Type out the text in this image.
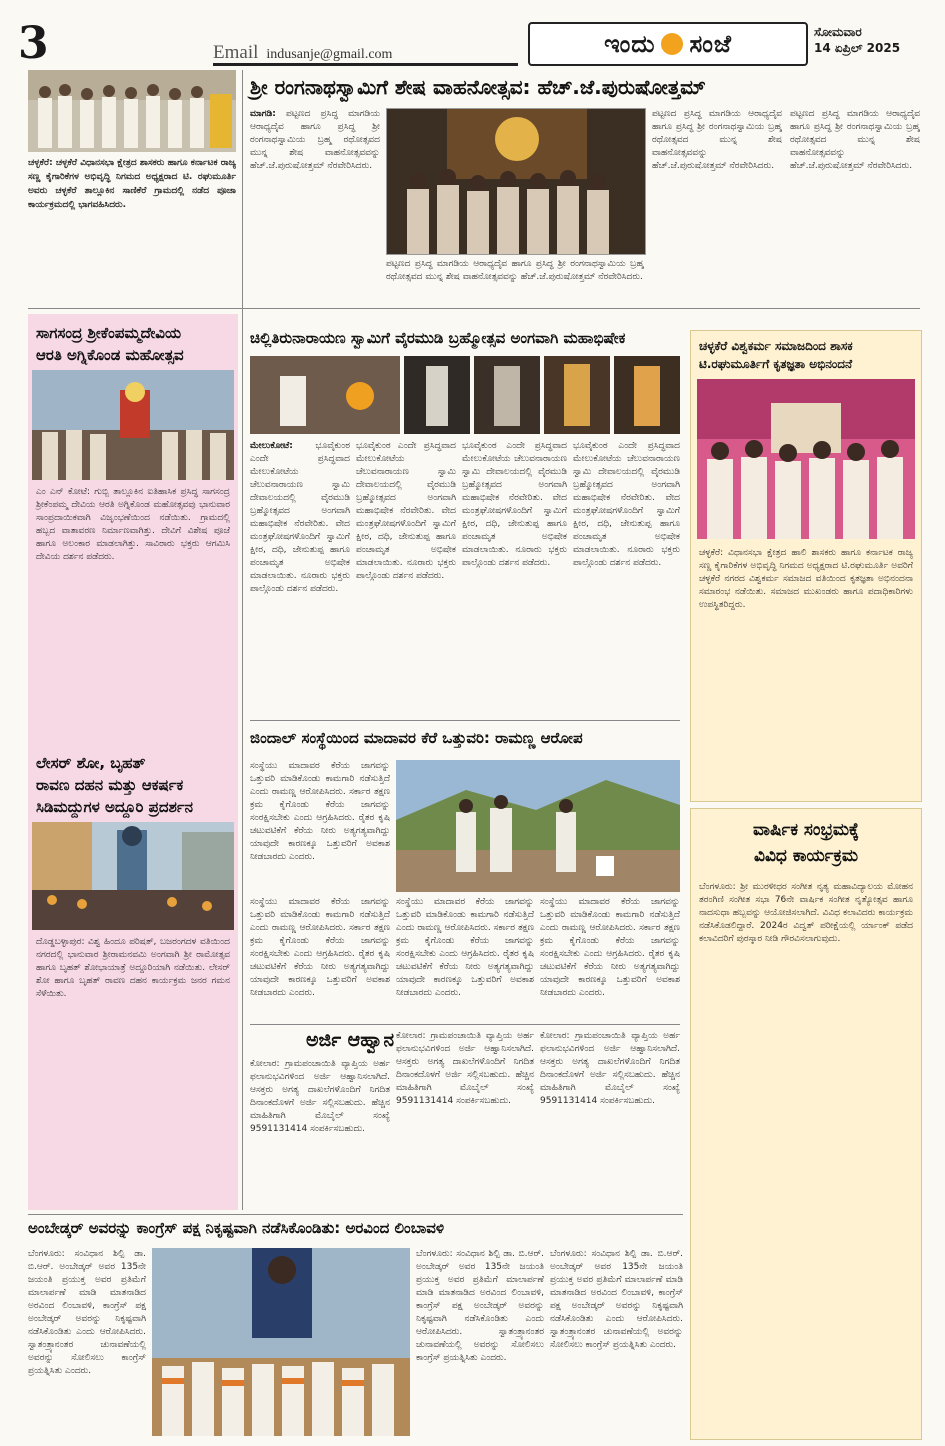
3	Email indusanje@gmail.com	ಇಂದು ಸಂಜೆ	ಸೋಮವಾರ
14 ಏಪ್ರಿಲ್ 2025
ಚಳ್ಳಕೆರೆ: ಚಳ್ಳಕೆರೆ ವಿಧಾನಸಭಾ ಕ್ಷೇತ್ರದ ಶಾಸಕರು ಹಾಗೂ ಕರ್ನಾಟಕ ರಾಜ್ಯ ಸಣ್ಣ ಕೈಗಾರಿಕೆಗಳ ಅಭಿವೃದ್ಧಿ ನಿಗಮದ ಅಧ್ಯಕ್ಷರಾದ ಟಿ. ರಘುಮೂರ್ತಿ ಅವರು ಚಳ್ಳಕೆರೆ ತಾಲ್ಲೂಕಿನ ಸಾಣಿಕೆರೆ ಗ್ರಾಮದಲ್ಲಿ ನಡೆದ ಪೂಜಾ ಕಾರ್ಯಕ್ರಮದಲ್ಲಿ ಭಾಗವಹಿಸಿದರು.
ಶ್ರೀ ರಂಗನಾಥಸ್ವಾಮಿಗೆ ಶೇಷ ವಾಹನೋತ್ಸವ: ಹೆಚ್.ಜೆ.ಪುರುಷೋತ್ತಮ್
ಮಾಗಡಿ: ಪಟ್ಟಣದ ಪ್ರಸಿದ್ಧ ಮಾಗಡಿಯ ಆರಾಧ್ಯದೈವ ಹಾಗೂ ಪ್ರಸಿದ್ಧ ಶ್ರೀ ರಂಗನಾಥಸ್ವಾಮಿಯ ಬ್ರಹ್ಮ ರಥೋತ್ಸವದ ಮುನ್ನ ಶೇಷ ವಾಹನೋತ್ಸವವನ್ನು ಹೆಚ್.ಜೆ.ಪುರುಷೋತ್ತಮ್ ನೆರವೇರಿಸಿದರು.
ಪಟ್ಟಣದ ಪ್ರಸಿದ್ಧ ಮಾಗಡಿಯ ಆರಾಧ್ಯದೈವ ಹಾಗೂ ಪ್ರಸಿದ್ಧ ಶ್ರೀ ರಂಗನಾಥಸ್ವಾಮಿಯ ಬ್ರಹ್ಮ ರಥೋತ್ಸವದ ಮುನ್ನ ಶೇಷ ವಾಹನೋತ್ಸವವನ್ನು ಹೆಚ್.ಜೆ.ಪುರುಷೋತ್ತಮ್ ನೆರವೇರಿಸಿದರು.
ಪಟ್ಟಣದ ಪ್ರಸಿದ್ಧ ಮಾಗಡಿಯ ಆರಾಧ್ಯದೈವ ಹಾಗೂ ಪ್ರಸಿದ್ಧ ಶ್ರೀ ರಂಗನಾಥಸ್ವಾಮಿಯ ಬ್ರಹ್ಮ ರಥೋತ್ಸವದ ಮುನ್ನ ಶೇಷ ವಾಹನೋತ್ಸವವನ್ನು ಹೆಚ್.ಜೆ.ಪುರುಷೋತ್ತಮ್ ನೆರವೇರಿಸಿದರು.
ಪಟ್ಟಣದ ಪ್ರಸಿದ್ಧ ಮಾಗಡಿಯ ಆರಾಧ್ಯದೈವ ಹಾಗೂ ಪ್ರಸಿದ್ಧ ಶ್ರೀ ರಂಗನಾಥಸ್ವಾಮಿಯ ಬ್ರಹ್ಮ ರಥೋತ್ಸವದ ಮುನ್ನ ಶೇಷ ವಾಹನೋತ್ಸವವನ್ನು ಹೆಚ್.ಜೆ.ಪುರುಷೋತ್ತಮ್ ನೆರವೇರಿಸಿದರು.
ಸಾಗಸಂದ್ರ ಶ್ರೀಕೆಂಪಮ್ಮದೇವಿಯ
ಆರತಿ ಅಗ್ನಿಕೊಂಡ ಮಹೋತ್ಸವ
ಎಂ ಎನ್ ಕೋಟೆ: ಗುಬ್ಬಿ ತಾಲ್ಲೂಕಿನ ಐತಿಹಾಸಿಕ ಪ್ರಸಿದ್ಧ ಸಾಗಸಂದ್ರ ಶ್ರೀಕೆಂಪಮ್ಮ ದೇವಿಯ ಆರತಿ ಅಗ್ನಿಕೊಂಡ ಮಹೋತ್ಸವವು ಭಾನುವಾರ ಸಾಂಪ್ರದಾಯಿಕವಾಗಿ ವಿಜೃಂಭಣೆಯಿಂದ ನಡೆಯಿತು. ಗ್ರಾಮದಲ್ಲಿ ಹಬ್ಬದ ವಾತಾವರಣ ನಿರ್ಮಾಣವಾಗಿತ್ತು. ದೇವಿಗೆ ವಿಶೇಷ ಪೂಜೆ ಹಾಗೂ ಅಲಂಕಾರ ಮಾಡಲಾಗಿತ್ತು. ಸಾವಿರಾರು ಭಕ್ತರು ಆಗಮಿಸಿ ದೇವಿಯ ದರ್ಶನ ಪಡೆದರು.
ಲೇಸರ್ ಶೋ, ಬೃಹತ್
ರಾವಣ ದಹನ ಮತ್ತು ಆಕರ್ಷಕ
ಸಿಡಿಮದ್ದುಗಳ ಅದ್ದೂರಿ ಪ್ರದರ್ಶನ
ದೊಡ್ಡಬಳ್ಳಾಪುರ: ವಿಶ್ವ ಹಿಂದೂ ಪರಿಷತ್, ಬಜರಂಗದಳ ವತಿಯಿಂದ ನಗರದಲ್ಲಿ ಭಾನುವಾರ ಶ್ರೀರಾಮನವಮಿ ಅಂಗವಾಗಿ ಶ್ರೀ ರಾಮೋತ್ಸವ ಹಾಗೂ ಬೃಹತ್ ಶೋಭಾಯಾತ್ರೆ ಅದ್ದೂರಿಯಾಗಿ ನಡೆಯಿತು. ಲೇಸರ್ ಶೋ ಹಾಗೂ ಬೃಹತ್ ರಾವಣ ದಹನ ಕಾರ್ಯಕ್ರಮ ಜನರ ಗಮನ ಸೆಳೆಯಿತು.
ಚಿಲ್ಲಿತಿರುನಾರಾಯಣ ಸ್ವಾಮಿಗೆ ವೈರಮುಡಿ ಬ್ರಹ್ಮೋತ್ಸವ ಅಂಗವಾಗಿ ಮಹಾಭಿಷೇಕ
ಮೇಲುಕೋಟೆ:	ಭೂವೈಕುಂಠ ಎಂದೇ ಪ್ರಸಿದ್ಧವಾದ ಮೇಲುಕೋಟೆಯ ಚೆಲುವನಾರಾಯಣ ಸ್ವಾಮಿ ದೇವಾಲಯದಲ್ಲಿ ವೈರಮುಡಿ ಬ್ರಹ್ಮೋತ್ಸವದ ಅಂಗವಾಗಿ ಮಹಾಭಿಷೇಕ ನೆರವೇರಿತು. ವೇದ ಮಂತ್ರಘೋಷಗಳೊಂದಿಗೆ ಸ್ವಾಮಿಗೆ ಕ್ಷೀರ, ದಧಿ, ಜೇನುತುಪ್ಪ ಹಾಗೂ ಪಂಚಾಮೃತ ಅಭಿಷೇಕ ಮಾಡಲಾಯಿತು. ನೂರಾರು ಭಕ್ತರು ಪಾಲ್ಗೊಂಡು ದರ್ಶನ ಪಡೆದರು.
ಭೂವೈಕುಂಠ ಎಂದೇ ಪ್ರಸಿದ್ಧವಾದ ಮೇಲುಕೋಟೆಯ ಚೆಲುವನಾರಾಯಣ ಸ್ವಾಮಿ ದೇವಾಲಯದಲ್ಲಿ ವೈರಮುಡಿ ಬ್ರಹ್ಮೋತ್ಸವದ ಅಂಗವಾಗಿ ಮಹಾಭಿಷೇಕ ನೆರವೇರಿತು. ವೇದ ಮಂತ್ರಘೋಷಗಳೊಂದಿಗೆ ಸ್ವಾಮಿಗೆ ಕ್ಷೀರ, ದಧಿ, ಜೇನುತುಪ್ಪ ಹಾಗೂ ಪಂಚಾಮೃತ ಅಭಿಷೇಕ ಮಾಡಲಾಯಿತು. ನೂರಾರು ಭಕ್ತರು ಪಾಲ್ಗೊಂಡು ದರ್ಶನ ಪಡೆದರು.
ಭೂವೈಕುಂಠ ಎಂದೇ ಪ್ರಸಿದ್ಧವಾದ ಮೇಲುಕೋಟೆಯ ಚೆಲುವನಾರಾಯಣ ಸ್ವಾಮಿ ದೇವಾಲಯದಲ್ಲಿ ವೈರಮುಡಿ ಬ್ರಹ್ಮೋತ್ಸವದ ಅಂಗವಾಗಿ ಮಹಾಭಿಷೇಕ ನೆರವೇರಿತು. ವೇದ ಮಂತ್ರಘೋಷಗಳೊಂದಿಗೆ ಸ್ವಾಮಿಗೆ ಕ್ಷೀರ, ದಧಿ, ಜೇನುತುಪ್ಪ ಹಾಗೂ ಪಂಚಾಮೃತ ಅಭಿಷೇಕ ಮಾಡಲಾಯಿತು. ನೂರಾರು ಭಕ್ತರು ಪಾಲ್ಗೊಂಡು ದರ್ಶನ ಪಡೆದರು.
ಭೂವೈಕುಂಠ ಎಂದೇ ಪ್ರಸಿದ್ಧವಾದ ಮೇಲುಕೋಟೆಯ ಚೆಲುವನಾರಾಯಣ ಸ್ವಾಮಿ ದೇವಾಲಯದಲ್ಲಿ ವೈರಮುಡಿ ಬ್ರಹ್ಮೋತ್ಸವದ ಅಂಗವಾಗಿ ಮಹಾಭಿಷೇಕ ನೆರವೇರಿತು. ವೇದ ಮಂತ್ರಘೋಷಗಳೊಂದಿಗೆ ಸ್ವಾಮಿಗೆ ಕ್ಷೀರ, ದಧಿ, ಜೇನುತುಪ್ಪ ಹಾಗೂ ಪಂಚಾಮೃತ ಅಭಿಷೇಕ ಮಾಡಲಾಯಿತು. ನೂರಾರು ಭಕ್ತರು ಪಾಲ್ಗೊಂಡು ದರ್ಶನ ಪಡೆದರು.
ಚಳ್ಳಕೆರೆ ವಿಶ್ವಕರ್ಮ ಸಮಾಜದಿಂದ ಶಾಸಕ
ಟಿ.ರಘುಮೂರ್ತಿಗೆ ಕೃತಜ್ಞತಾ ಅಭಿನಂದನೆ
ಚಳ್ಳಕೆರೆ: ವಿಧಾನಸಭಾ ಕ್ಷೇತ್ರದ ಹಾಲಿ ಶಾಸಕರು ಹಾಗೂ ಕರ್ನಾಟಕ ರಾಜ್ಯ ಸಣ್ಣ ಕೈಗಾರಿಕೆಗಳ ಅಭಿವೃದ್ಧಿ ನಿಗಮದ ಅಧ್ಯಕ್ಷರಾದ ಟಿ.ರಘುಮೂರ್ತಿ ಅವರಿಗೆ ಚಳ್ಳಕೆರೆ ನಗರದ ವಿಶ್ವಕರ್ಮ ಸಮಾಜದ ವತಿಯಿಂದ ಕೃತಜ್ಞತಾ ಅಭಿನಂದನಾ ಸಮಾರಂಭ ನಡೆಯಿತು. ಸಮಾಜದ ಮುಖಂಡರು ಹಾಗೂ ಪದಾಧಿಕಾರಿಗಳು ಉಪಸ್ಥಿತರಿದ್ದರು.
ಜಿಂದಾಲ್ ಸಂಸ್ಥೆಯಿಂದ ಮಾದಾವರ ಕೆರೆ ಒತ್ತುವರಿ: ರಾಮಣ್ಣ ಆರೋಪ
ಸಂಸ್ಥೆಯು ಮಾದಾವರ ಕೆರೆಯ ಜಾಗವನ್ನು ಒತ್ತುವರಿ ಮಾಡಿಕೊಂಡು ಕಾಮಗಾರಿ ನಡೆಸುತ್ತಿದೆ ಎಂದು ರಾಮಣ್ಣ ಆರೋಪಿಸಿದರು. ಸರ್ಕಾರ ತಕ್ಷಣ ಕ್ರಮ ಕೈಗೊಂಡು ಕೆರೆಯ ಜಾಗವನ್ನು ಸಂರಕ್ಷಿಸಬೇಕು ಎಂದು ಆಗ್ರಹಿಸಿದರು. ರೈತರ ಕೃಷಿ ಚಟುವಟಿಕೆಗೆ ಕೆರೆಯ ನೀರು ಅತ್ಯಗತ್ಯವಾಗಿದ್ದು ಯಾವುದೇ ಕಾರಣಕ್ಕೂ ಒತ್ತುವರಿಗೆ ಅವಕಾಶ ನೀಡಬಾರದು ಎಂದರು.
ಸಂಸ್ಥೆಯು ಮಾದಾವರ ಕೆರೆಯ ಜಾಗವನ್ನು ಒತ್ತುವರಿ ಮಾಡಿಕೊಂಡು ಕಾಮಗಾರಿ ನಡೆಸುತ್ತಿದೆ ಎಂದು ರಾಮಣ್ಣ ಆರೋಪಿಸಿದರು. ಸರ್ಕಾರ ತಕ್ಷಣ ಕ್ರಮ ಕೈಗೊಂಡು ಕೆರೆಯ ಜಾಗವನ್ನು ಸಂರಕ್ಷಿಸಬೇಕು ಎಂದು ಆಗ್ರಹಿಸಿದರು. ರೈತರ ಕೃಷಿ ಚಟುವಟಿಕೆಗೆ ಕೆರೆಯ ನೀರು ಅತ್ಯಗತ್ಯವಾಗಿದ್ದು ಯಾವುದೇ ಕಾರಣಕ್ಕೂ ಒತ್ತುವರಿಗೆ ಅವಕಾಶ ನೀಡಬಾರದು ಎಂದರು.
ಸಂಸ್ಥೆಯು ಮಾದಾವರ ಕೆರೆಯ ಜಾಗವನ್ನು ಒತ್ತುವರಿ ಮಾಡಿಕೊಂಡು ಕಾಮಗಾರಿ ನಡೆಸುತ್ತಿದೆ ಎಂದು ರಾಮಣ್ಣ ಆರೋಪಿಸಿದರು. ಸರ್ಕಾರ ತಕ್ಷಣ ಕ್ರಮ ಕೈಗೊಂಡು ಕೆರೆಯ ಜಾಗವನ್ನು ಸಂರಕ್ಷಿಸಬೇಕು ಎಂದು ಆಗ್ರಹಿಸಿದರು. ರೈತರ ಕೃಷಿ ಚಟುವಟಿಕೆಗೆ ಕೆರೆಯ ನೀರು ಅತ್ಯಗತ್ಯವಾಗಿದ್ದು ಯಾವುದೇ ಕಾರಣಕ್ಕೂ ಒತ್ತುವರಿಗೆ ಅವಕಾಶ ನೀಡಬಾರದು ಎಂದರು.
ಸಂಸ್ಥೆಯು ಮಾದಾವರ ಕೆರೆಯ ಜಾಗವನ್ನು ಒತ್ತುವರಿ ಮಾಡಿಕೊಂಡು ಕಾಮಗಾರಿ ನಡೆಸುತ್ತಿದೆ ಎಂದು ರಾಮಣ್ಣ ಆರೋಪಿಸಿದರು. ಸರ್ಕಾರ ತಕ್ಷಣ ಕ್ರಮ ಕೈಗೊಂಡು ಕೆರೆಯ ಜಾಗವನ್ನು ಸಂರಕ್ಷಿಸಬೇಕು ಎಂದು ಆಗ್ರಹಿಸಿದರು. ರೈತರ ಕೃಷಿ ಚಟುವಟಿಕೆಗೆ ಕೆರೆಯ ನೀರು ಅತ್ಯಗತ್ಯವಾಗಿದ್ದು ಯಾವುದೇ ಕಾರಣಕ್ಕೂ ಒತ್ತುವರಿಗೆ ಅವಕಾಶ ನೀಡಬಾರದು ಎಂದರು.
ಅರ್ಜಿ ಆಹ್ವಾನ
ಕೋಲಾರ: ಗ್ರಾಮಪಂಚಾಯಿತಿ ವ್ಯಾಪ್ತಿಯ ಅರ್ಹ ಫಲಾನುಭವಿಗಳಿಂದ ಅರ್ಜಿ ಆಹ್ವಾನಿಸಲಾಗಿದೆ. ಆಸಕ್ತರು ಅಗತ್ಯ ದಾಖಲೆಗಳೊಂದಿಗೆ ನಿಗದಿತ ದಿನಾಂಕದೊಳಗೆ ಅರ್ಜಿ ಸಲ್ಲಿಸಬಹುದು. ಹೆಚ್ಚಿನ ಮಾಹಿತಿಗಾಗಿ ಮೊಬೈಲ್ ಸಂಖ್ಯೆ 9591131414 ಸಂಪರ್ಕಿಸಬಹುದು.
ಕೋಲಾರ: ಗ್ರಾಮಪಂಚಾಯಿತಿ ವ್ಯಾಪ್ತಿಯ ಅರ್ಹ ಫಲಾನುಭವಿಗಳಿಂದ ಅರ್ಜಿ ಆಹ್ವಾನಿಸಲಾಗಿದೆ. ಆಸಕ್ತರು ಅಗತ್ಯ ದಾಖಲೆಗಳೊಂದಿಗೆ ನಿಗದಿತ ದಿನಾಂಕದೊಳಗೆ ಅರ್ಜಿ ಸಲ್ಲಿಸಬಹುದು. ಹೆಚ್ಚಿನ ಮಾಹಿತಿಗಾಗಿ ಮೊಬೈಲ್ ಸಂಖ್ಯೆ 9591131414 ಸಂಪರ್ಕಿಸಬಹುದು.
ಕೋಲಾರ: ಗ್ರಾಮಪಂಚಾಯಿತಿ ವ್ಯಾಪ್ತಿಯ ಅರ್ಹ ಫಲಾನುಭವಿಗಳಿಂದ ಅರ್ಜಿ ಆಹ್ವಾನಿಸಲಾಗಿದೆ. ಆಸಕ್ತರು ಅಗತ್ಯ ದಾಖಲೆಗಳೊಂದಿಗೆ ನಿಗದಿತ ದಿನಾಂಕದೊಳಗೆ ಅರ್ಜಿ ಸಲ್ಲಿಸಬಹುದು. ಹೆಚ್ಚಿನ ಮಾಹಿತಿಗಾಗಿ ಮೊಬೈಲ್ ಸಂಖ್ಯೆ 9591131414 ಸಂಪರ್ಕಿಸಬಹುದು.
ವಾರ್ಷಿಕ ಸಂಭ್ರಮಕ್ಕೆ
ವಿವಿಧ ಕಾರ್ಯಕ್ರಮ
ಬೆಂಗಳೂರು: ಶ್ರೀ ಮುರಳೀಧರ ಸಂಗೀತ ನೃತ್ಯ ಮಹಾವಿದ್ಯಾಲಯ ಮೋಹನ ತರಂಗಿಣಿ ಸಂಗೀತ ಸಭಾ 76ನೇ ವಾರ್ಷಿಕ ಸಂಗೀತ ನೃತ್ಯೋತ್ಸವ ಹಾಗೂ ನಾದಸುಧಾ ಹಬ್ಬವನ್ನು ಆಯೋಜಿಸಲಾಗಿದೆ. ವಿವಿಧ ಕಲಾವಿದರು ಕಾರ್ಯಕ್ರಮ ನಡೆಸಿಕೊಡಲಿದ್ದಾರೆ. 2024ರ ವಿದ್ವತ್ ಪರೀಕ್ಷೆಯಲ್ಲಿ ರ್ಯಾಂಕ್ ಪಡೆದ ಕಲಾವಿದರಿಗೆ ಪುರಸ್ಕಾರ ನೀಡಿ ಗೌರವಿಸಲಾಗುವುದು.
ಅಂಬೇಡ್ಕರ್ ಅವರನ್ನು ಕಾಂಗ್ರೆಸ್ ಪಕ್ಷ ನಿಕೃಷ್ಟವಾಗಿ ನಡೆಸಿಕೊಂಡಿತು: ಅರವಿಂದ ಲಿಂಬಾವಳಿ
ಬೆಂಗಳೂರು: ಸಂವಿಧಾನ ಶಿಲ್ಪಿ ಡಾ. ಬಿ.ಆರ್. ಅಂಬೇಡ್ಕರ್ ಅವರ 135ನೇ ಜಯಂತಿ ಪ್ರಯುಕ್ತ ಅವರ ಪ್ರತಿಮೆಗೆ ಮಾಲಾರ್ಪಣೆ ಮಾಡಿ ಮಾತನಾಡಿದ ಅರವಿಂದ ಲಿಂಬಾವಳಿ, ಕಾಂಗ್ರೆಸ್ ಪಕ್ಷ ಅಂಬೇಡ್ಕರ್ ಅವರನ್ನು ನಿಕೃಷ್ಟವಾಗಿ ನಡೆಸಿಕೊಂಡಿತು ಎಂದು ಆರೋಪಿಸಿದರು. ಸ್ವಾತಂತ್ರ್ಯಾನಂತರ ಚುನಾವಣೆಯಲ್ಲಿ ಅವರನ್ನು ಸೋಲಿಸಲು ಕಾಂಗ್ರೆಸ್ ಪ್ರಯತ್ನಿಸಿತು ಎಂದರು.
ಬೆಂಗಳೂರು: ಸಂವಿಧಾನ ಶಿಲ್ಪಿ ಡಾ. ಬಿ.ಆರ್. ಅಂಬೇಡ್ಕರ್ ಅವರ 135ನೇ ಜಯಂತಿ ಪ್ರಯುಕ್ತ ಅವರ ಪ್ರತಿಮೆಗೆ ಮಾಲಾರ್ಪಣೆ ಮಾಡಿ ಮಾತನಾಡಿದ ಅರವಿಂದ ಲಿಂಬಾವಳಿ, ಕಾಂಗ್ರೆಸ್ ಪಕ್ಷ ಅಂಬೇಡ್ಕರ್ ಅವರನ್ನು ನಿಕೃಷ್ಟವಾಗಿ ನಡೆಸಿಕೊಂಡಿತು ಎಂದು ಆರೋಪಿಸಿದರು. ಸ್ವಾತಂತ್ರ್ಯಾನಂತರ ಚುನಾವಣೆಯಲ್ಲಿ ಅವರನ್ನು ಸೋಲಿಸಲು ಕಾಂಗ್ರೆಸ್ ಪ್ರಯತ್ನಿಸಿತು ಎಂದರು.
ಬೆಂಗಳೂರು: ಸಂವಿಧಾನ ಶಿಲ್ಪಿ ಡಾ. ಬಿ.ಆರ್. ಅಂಬೇಡ್ಕರ್ ಅವರ 135ನೇ ಜಯಂತಿ ಪ್ರಯುಕ್ತ ಅವರ ಪ್ರತಿಮೆಗೆ ಮಾಲಾರ್ಪಣೆ ಮಾಡಿ ಮಾತನಾಡಿದ ಅರವಿಂದ ಲಿಂಬಾವಳಿ, ಕಾಂಗ್ರೆಸ್ ಪಕ್ಷ ಅಂಬೇಡ್ಕರ್ ಅವರನ್ನು ನಿಕೃಷ್ಟವಾಗಿ ನಡೆಸಿಕೊಂಡಿತು ಎಂದು ಆರೋಪಿಸಿದರು. ಸ್ವಾತಂತ್ರ್ಯಾನಂತರ ಚುನಾವಣೆಯಲ್ಲಿ ಅವರನ್ನು ಸೋಲಿಸಲು ಕಾಂಗ್ರೆಸ್ ಪ್ರಯತ್ನಿಸಿತು ಎಂದರು.
